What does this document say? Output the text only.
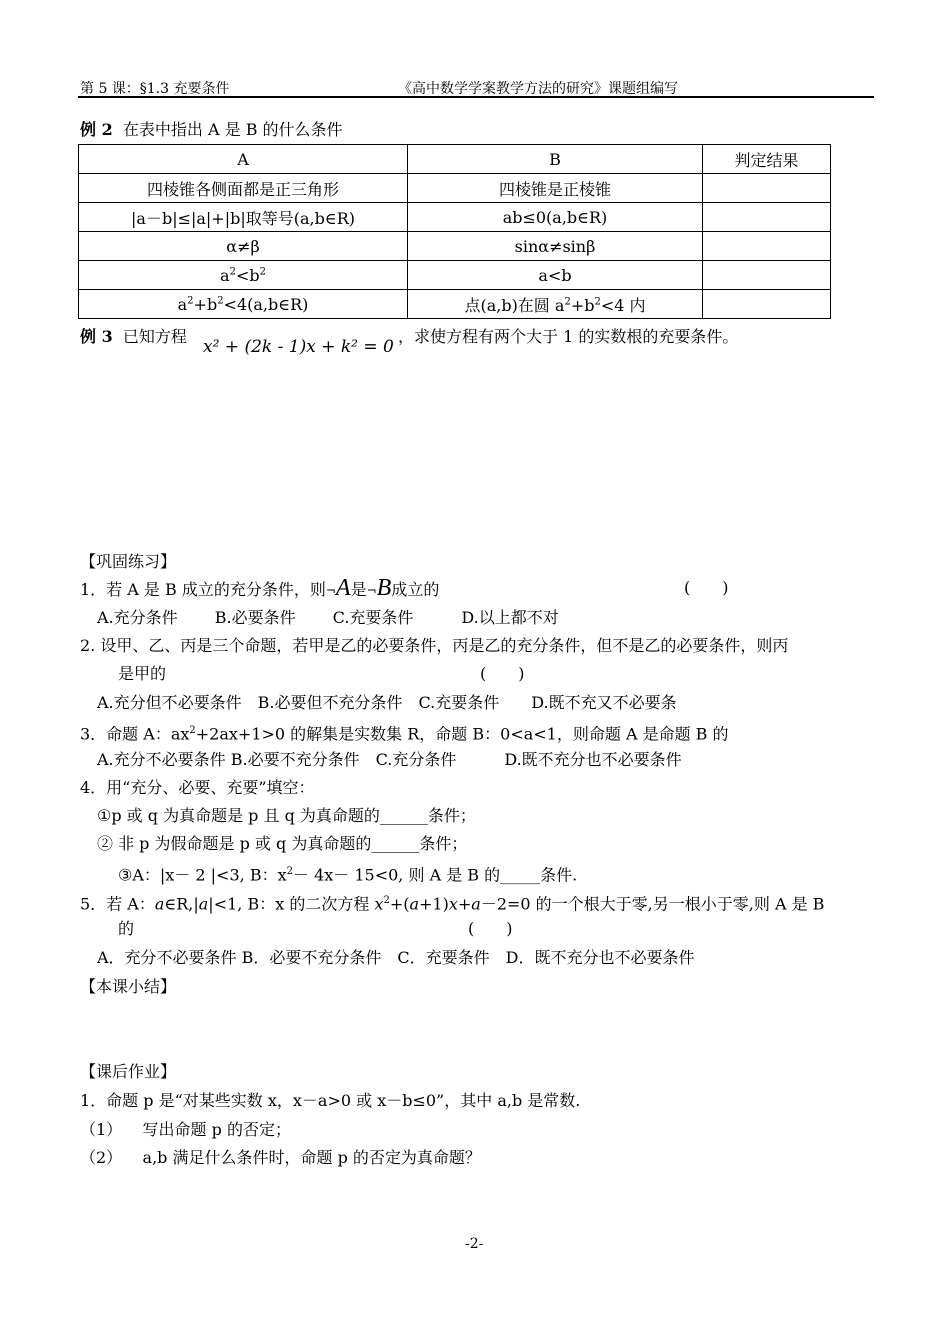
第 5 课：§1.3 充要条件	《高中数学学案教学方法的研究》课题组编写
例 2 在表中指出 A 是 B 的什么条件
A	B	判定结果
四棱锥各侧面都是正三角形	四棱锥是正棱锥	
|a－b|≤|a|+|b|取等号(a,b∈R)	ab≤0(a,b∈R)	
α≠β	sinα≠sinβ	
$a^2<b^2$	a<b	
$a^2+b^2<4(a,b\in R)$	点(a,b)在圆 $a^2+b^2<4$ 内	
例 3 已知方程
x² + (2k - 1)x + k² = 0
，求使方程有两个大于 1 的实数根的充要条件。
【巩固练习】
1．若 A 是 B 成立的充分条件，则¬A是¬B成立的	(　　)
A.充分条件　　 B.必要条件　　 C.充要条件　　　D.以上都不对
2. 设甲、乙、丙是三个命题，若甲是乙的必要条件，丙是乙的充分条件，但不是乙的必要条件，则丙
是甲的	(　　)
A.充分但不必要条件　B.必要但不充分条件　C.充要条件　　D.既不充又不必要条
3．命题 A：$ax^2+2ax+1>0$ 的解集是实数集 R，命题 B：0<a<1，则命题 A 是命题 B 的
A.充分不必要条件 B.必要不充分条件　C.充分条件　　　D.既不充分也不必要条件
4．用“充分、必要、充要”填空：
①p 或 q 为真命题是 p 且 q 为真命题的______条件；
② 非 p 为假命题是 p 或 q 为真命题的______条件；
③A：|x－ 2 |<3, B：$x^2- 4x- 15<0$, 则 A 是 B 的_____条件.
5．若 A：a∈R,|a|<1, B：x 的二次方程 $x^2+(a+1)x+a-2=0$ 的一个根大于零,另一根小于零,则 A 是 B
的	(　　)
A．充分不必要条件 B．必要不充分条件　C．充要条件　D．既不充分也不必要条件
【本课小结】
【课后作业】
1．命题 p 是“对某些实数 x，x－a>0 或 x－b≤0”，其中 a,b 是常数.
（1） 写出命题 p 的否定；
（2） a,b 满足什么条件时，命题 p 的否定为真命题？
-2-
